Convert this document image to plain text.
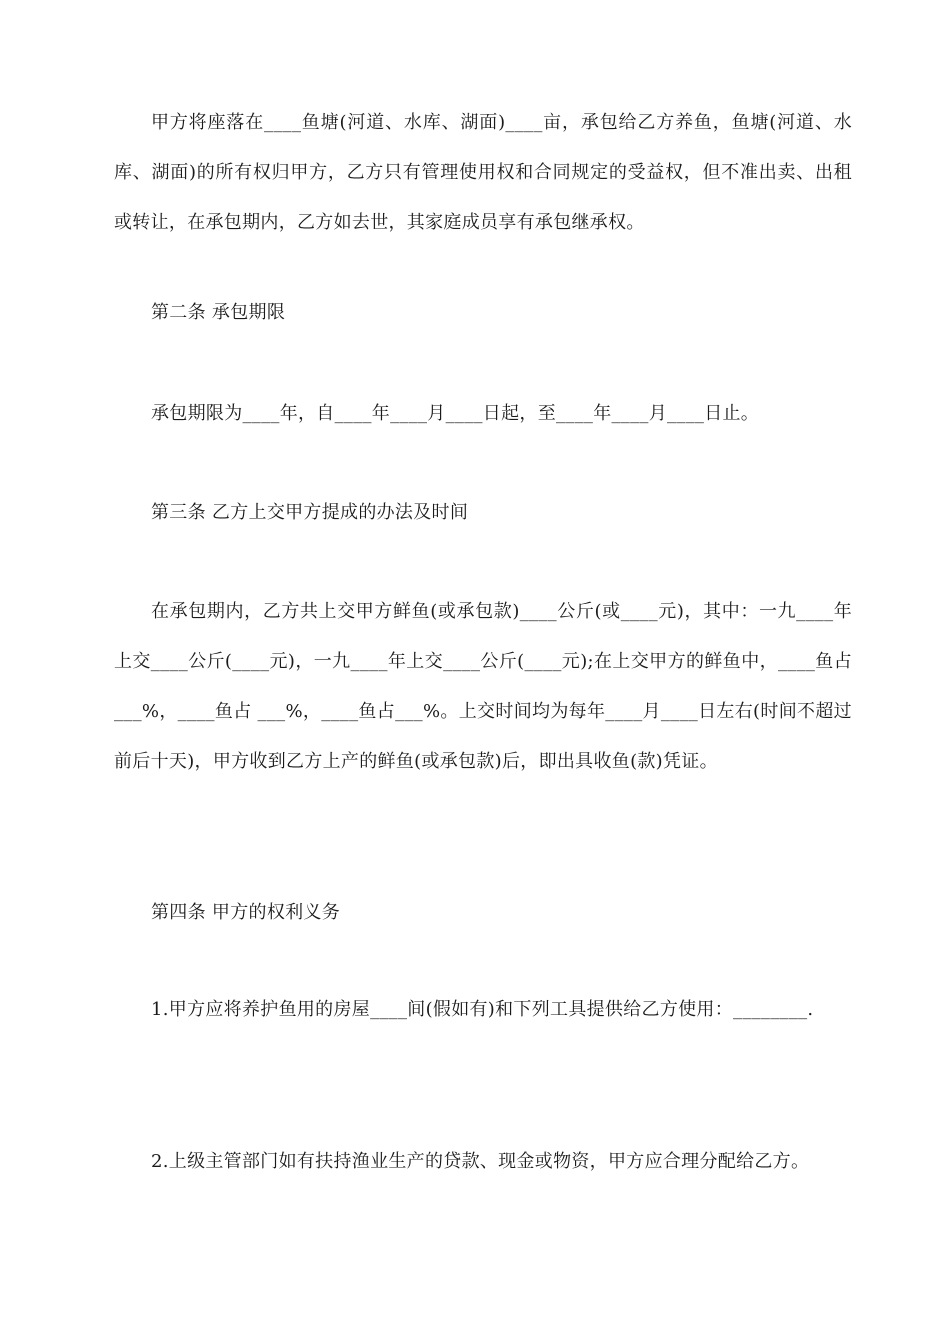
甲方将座落在____鱼塘(河道、水库、湖面)____亩，承包给乙方养鱼，鱼塘(河道、水库、湖面)的所有权归甲方，乙方只有管理使用权和合同规定的受益权，但不准出卖、出租或转让，在承包期内，乙方如去世，其家庭成员享有承包继承权。

第二条 承包期限

承包期限为____年，自____年____月____日起，至____年____月____日止。

第三条 乙方上交甲方提成的办法及时间

在承包期内，乙方共上交甲方鲜鱼(或承包款)____公斤(或____元)，其中：一九____年上交____公斤(____元)，一九____年上交____公斤(____元);在上交甲方的鲜鱼中，____鱼占___%，____鱼占 ___%，____鱼占___%。上交时间均为每年____月____日左右(时间不超过前后十天)，甲方收到乙方上产的鲜鱼(或承包款)后，即出具收鱼(款)凭证。

第四条 甲方的权利义务

1.甲方应将养护鱼用的房屋____间(假如有)和下列工具提供给乙方使用：________.

2.上级主管部门如有扶持渔业生产的贷款、现金或物资，甲方应合理分配给乙方。
